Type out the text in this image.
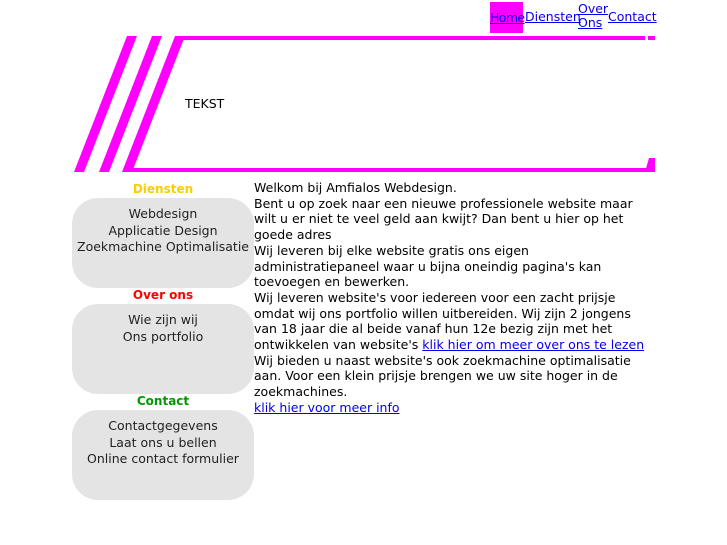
TEKST
Home Diensten
Over Ons Contact
Diensten
Webdesign
Applicatie Design
Zoekmachine Optimalisatie
Over ons
Wie zijn wij
Ons portfolio
Contact
Contactgegevens
Laat ons u bellen
Online contact formulier

Welkom bij Amfialos Webdesign.

Bent u op zoek naar een nieuwe professionele website maar wilt u er niet te veel geld aan kwijt? Dan bent u hier op het goede adres

Wij leveren bij elke website gratis ons eigen administratiepaneel waar u bijna oneindig pagina's kan toevoegen en bewerken.

Wij leveren website's voor iedereen voor een zacht prijsje omdat wij ons portfolio willen uitbereiden. Wij zijn 2 jongens van 18 jaar die al beide vanaf hun 12e bezig zijn met het ontwikkelen van website's klik hier om meer over ons te lezen

Wij bieden u naast website's ook zoekmachine optimalisatie aan. Voor een klein prijsje brengen we uw site hoger in de zoekmachines.

klik hier voor meer info
